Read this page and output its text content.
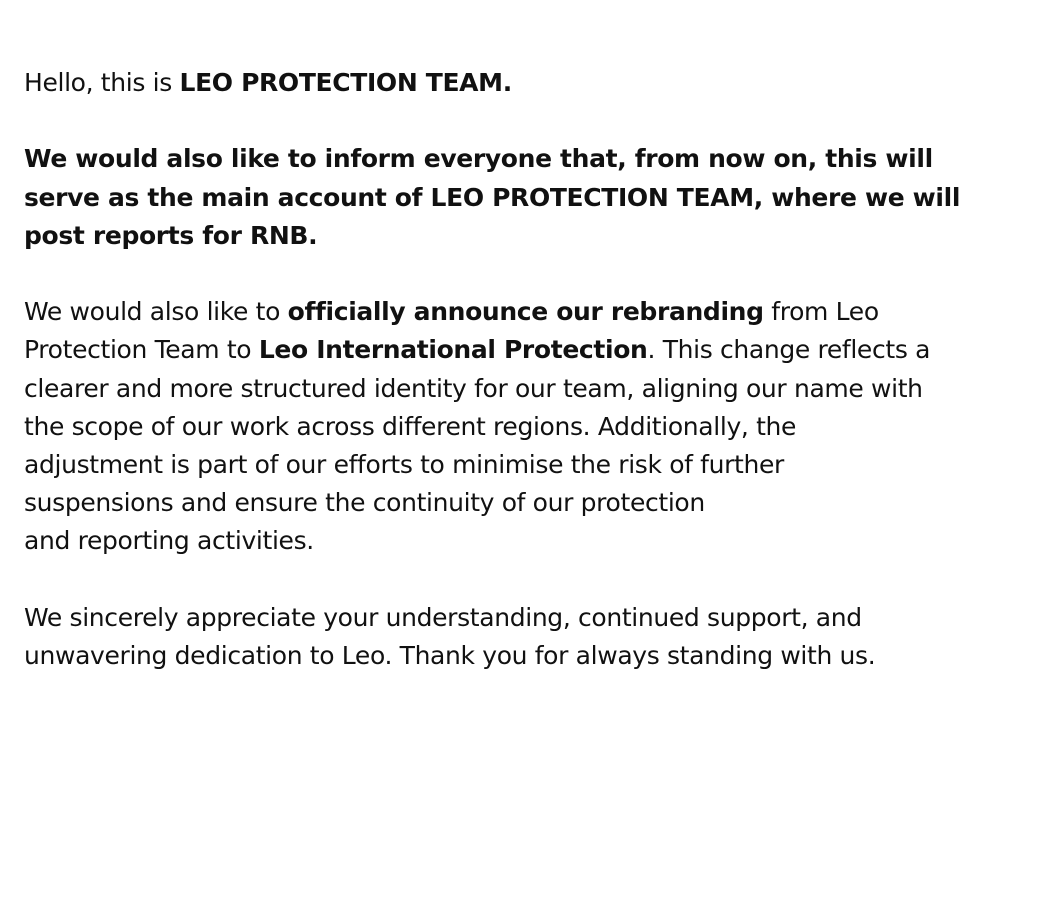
Hello, this is LEO PROTECTION TEAM.

We would also like to inform everyone that, from now on, this will
serve as the main account of LEO PROTECTION TEAM, where we will
post reports for RNB.

We would also like to officially announce our rebranding from Leo
Protection Team to Leo International Protection. This change reflects a
clearer and more structured identity for our team, aligning our name with
the scope of our work across different regions. Additionally, the
adjustment is part of our efforts to minimise the risk of further
suspensions and ensure the continuity of our protection
and reporting activities.

We sincerely appreciate your understanding, continued support, and
unwavering dedication to Leo. Thank you for always standing with us.
